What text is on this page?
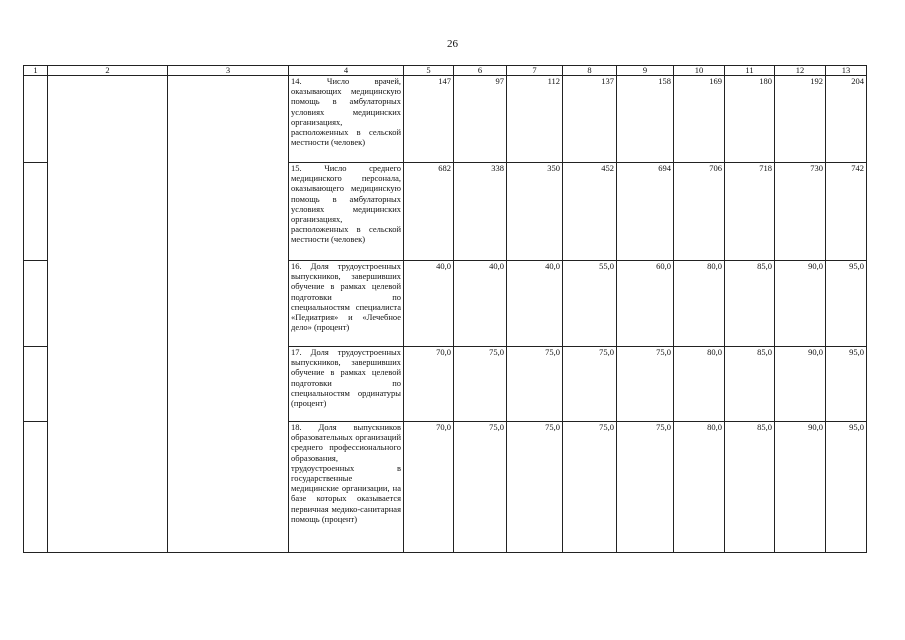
26
1	2	3	4	5	6	7	8	9	10	11	12	13
			14. Число врачей, оказывающих медицинскую помощь в амбулаторных условиях медицинских организациях, расположенных в сельской местности (человек)	147	97	112	137	158	169	180	192	204
			15. Число среднего медицинского персонала, оказывающего медицинскую помощь в амбулаторных условиях медицинских организациях, расположенных в сельской местности (человек)	682	338	350	452	694	706	718	730	742
			16. Доля трудоустроенных выпускников, завершивших обучение в рамках целевой подготовки по специальностям специалиста «Педиатрия» и «Лечебное дело» (процент)	40,0	40,0	40,0	55,0	60,0	80,0	85,0	90,0	95,0
			17. Доля трудоустроенных выпускников, завершивших обучение в рамках целевой подготовки по специальностям ординатуры (процент)	70,0	75,0	75,0	75,0	75,0	80,0	85,0	90,0	95,0
			18. Доля выпускников образовательных организаций среднего профессионального образования, трудоустроенных в государственные медицинские организации, на базе которых оказывается первичная медико-санитарная помощь (процент)	70,0	75,0	75,0	75,0	75,0	80,0	85,0	90,0	95,0
